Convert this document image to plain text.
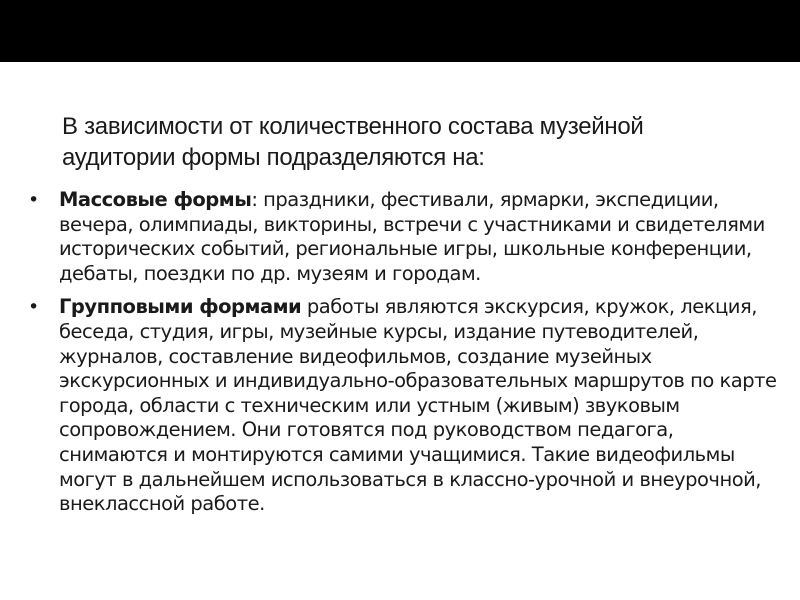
В зависимости от количественного состава музейной аудитории формы подразделяются на:
• Массовые формы: праздники, фестивали, ярмарки, экспедиции, вечера, олимпиады, викторины, встречи с участниками и свидетелями исторических событий, региональные игры, школьные конференции, дебаты, поездки по др. музеям и городам.
• Групповыми формами работы являются экскурсия, кружок, лекция, беседа, студия, игры, музейные курсы, издание путеводителей, журналов, составление видеофильмов, создание музейных экскурсионных и индивидуально-образовательных маршрутов по карте города, области с техническим или устным (живым) звуковым сопровождением. Они готовятся под руководством педагога, снимаются и монтируются самими учащимися. Такие видеофильмы могут в дальнейшем использоваться в классно-урочной и внеурочной, внеклассной работе.
